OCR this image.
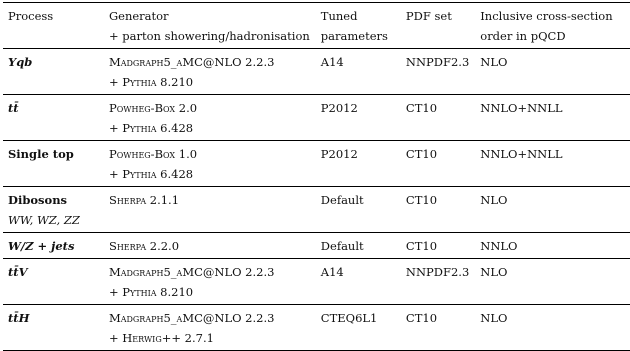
Process	Generator
+ parton showering/hadronisation	Tuned
parameters	PDF set	Inclusive cross-section
order in pQCD

Yqb	Madgraph5_aMC@NLO 2.2.3
+ Pythia 8.210	A14	NNPDF2.3	NLO

tt̄	Powheg-Box 2.0
+ Pythia 6.428	P2012	CT10	NNLO+NNLL

Single top	Powheg-Box 1.0
+ Pythia 6.428	P2012	CT10	NNLO+NNLL

Dibosons
WW, WZ, ZZ	Sherpa 2.1.1	Default	CT10	NLO

W/Z + jets	Sherpa 2.2.0	Default	CT10	NNLO

tt̄V	Madgraph5_aMC@NLO 2.2.3
+ Pythia 8.210	A14	NNPDF2.3	NLO

tt̄H	Madgraph5_aMC@NLO 2.2.3
+ Herwig++ 2.7.1	CTEQ6L1	CT10	NLO
